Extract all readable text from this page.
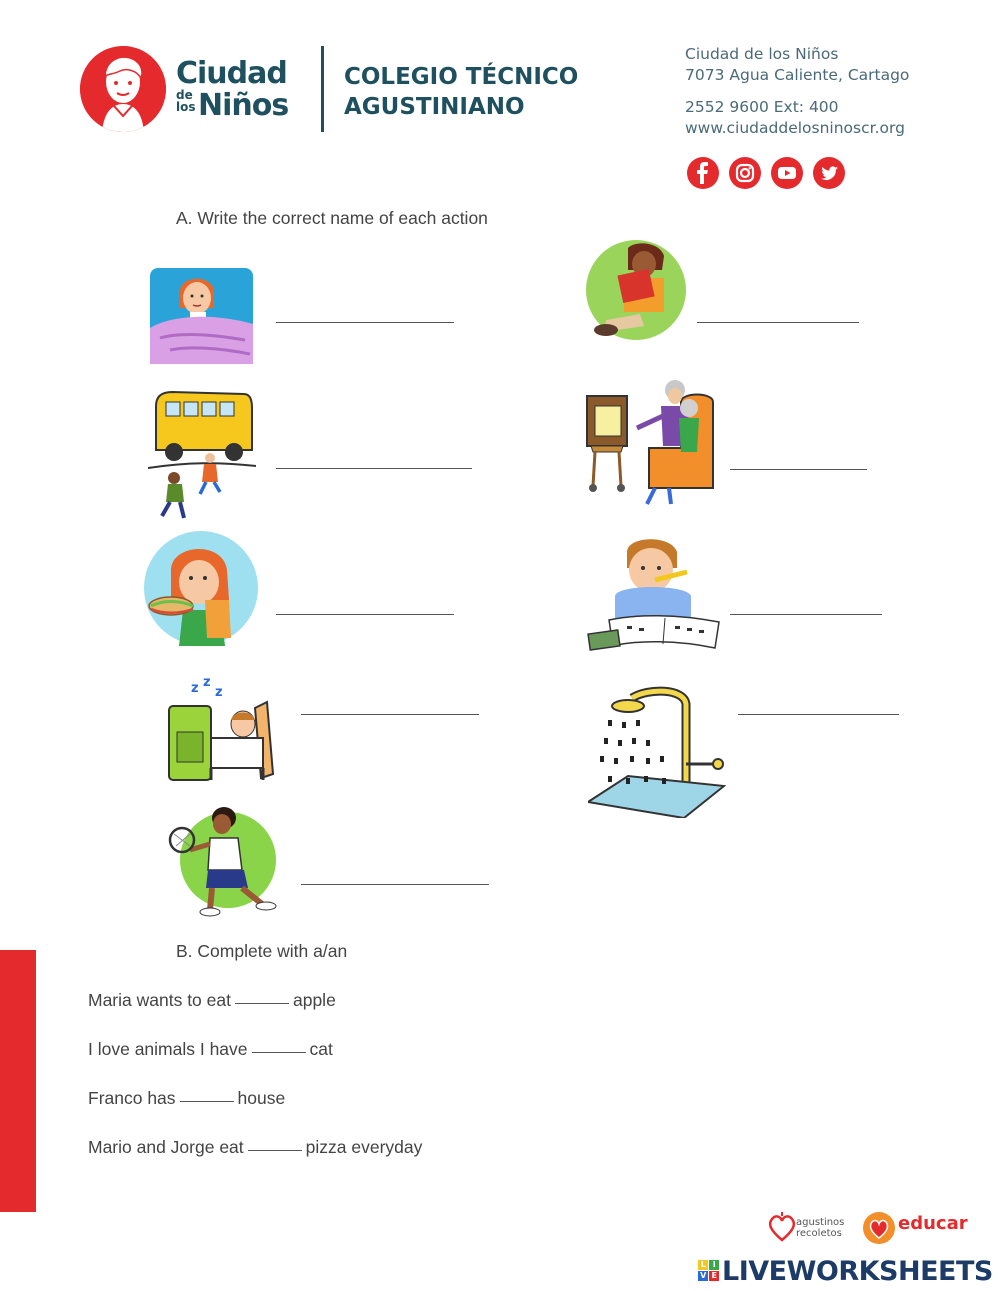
Ciudad
de
los Niños
COLEGIO TÉCNICO
AGUSTINIANO
Ciudad de los Niños
7073 Agua Caliente, Cartago
2552 9600 Ext: 400
www.ciudaddelosninoscr.org
A. Write the correct name of each action
z z
z
B. Complete with a/an
Maria wants to eat	apple
I love animals I have	cat
Franco has	house
Mario and Jorge eat	pizza everyday
agustinos
recoletos	educar
L I
V E LIVEWORKSHEETS
